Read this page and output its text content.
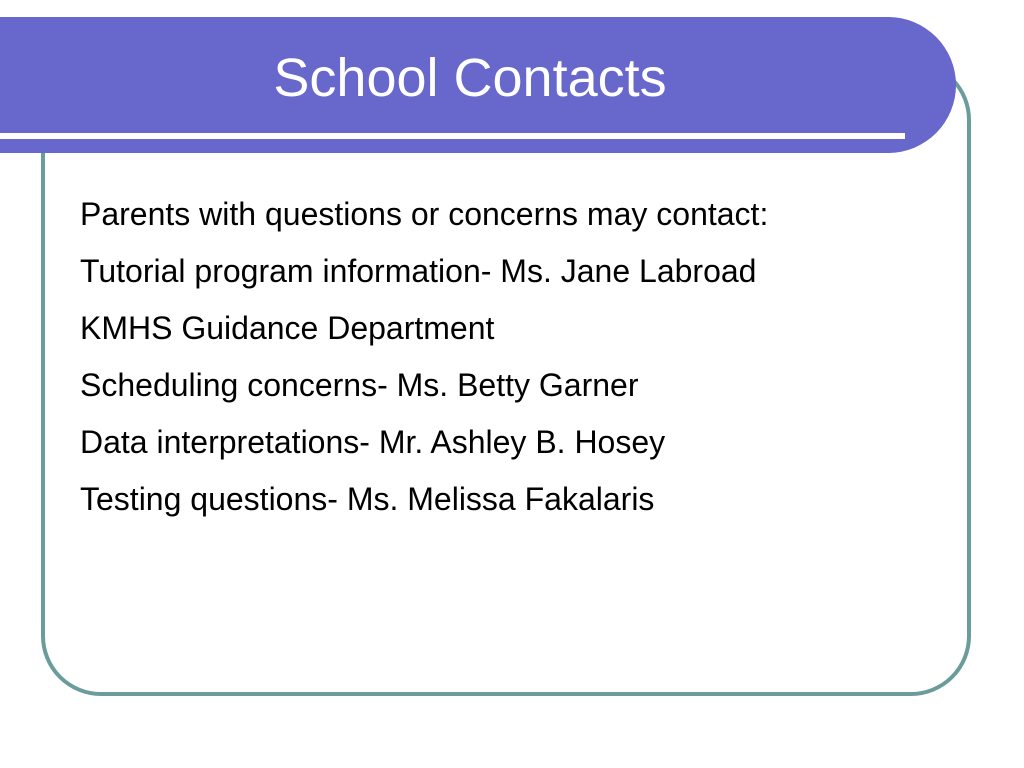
School Contacts
Parents with questions or concerns may contact:
Tutorial program information- Ms. Jane Labroad
KMHS Guidance Department
Scheduling concerns- Ms. Betty Garner
Data interpretations- Mr. Ashley B. Hosey
Testing questions- Ms. Melissa Fakalaris
